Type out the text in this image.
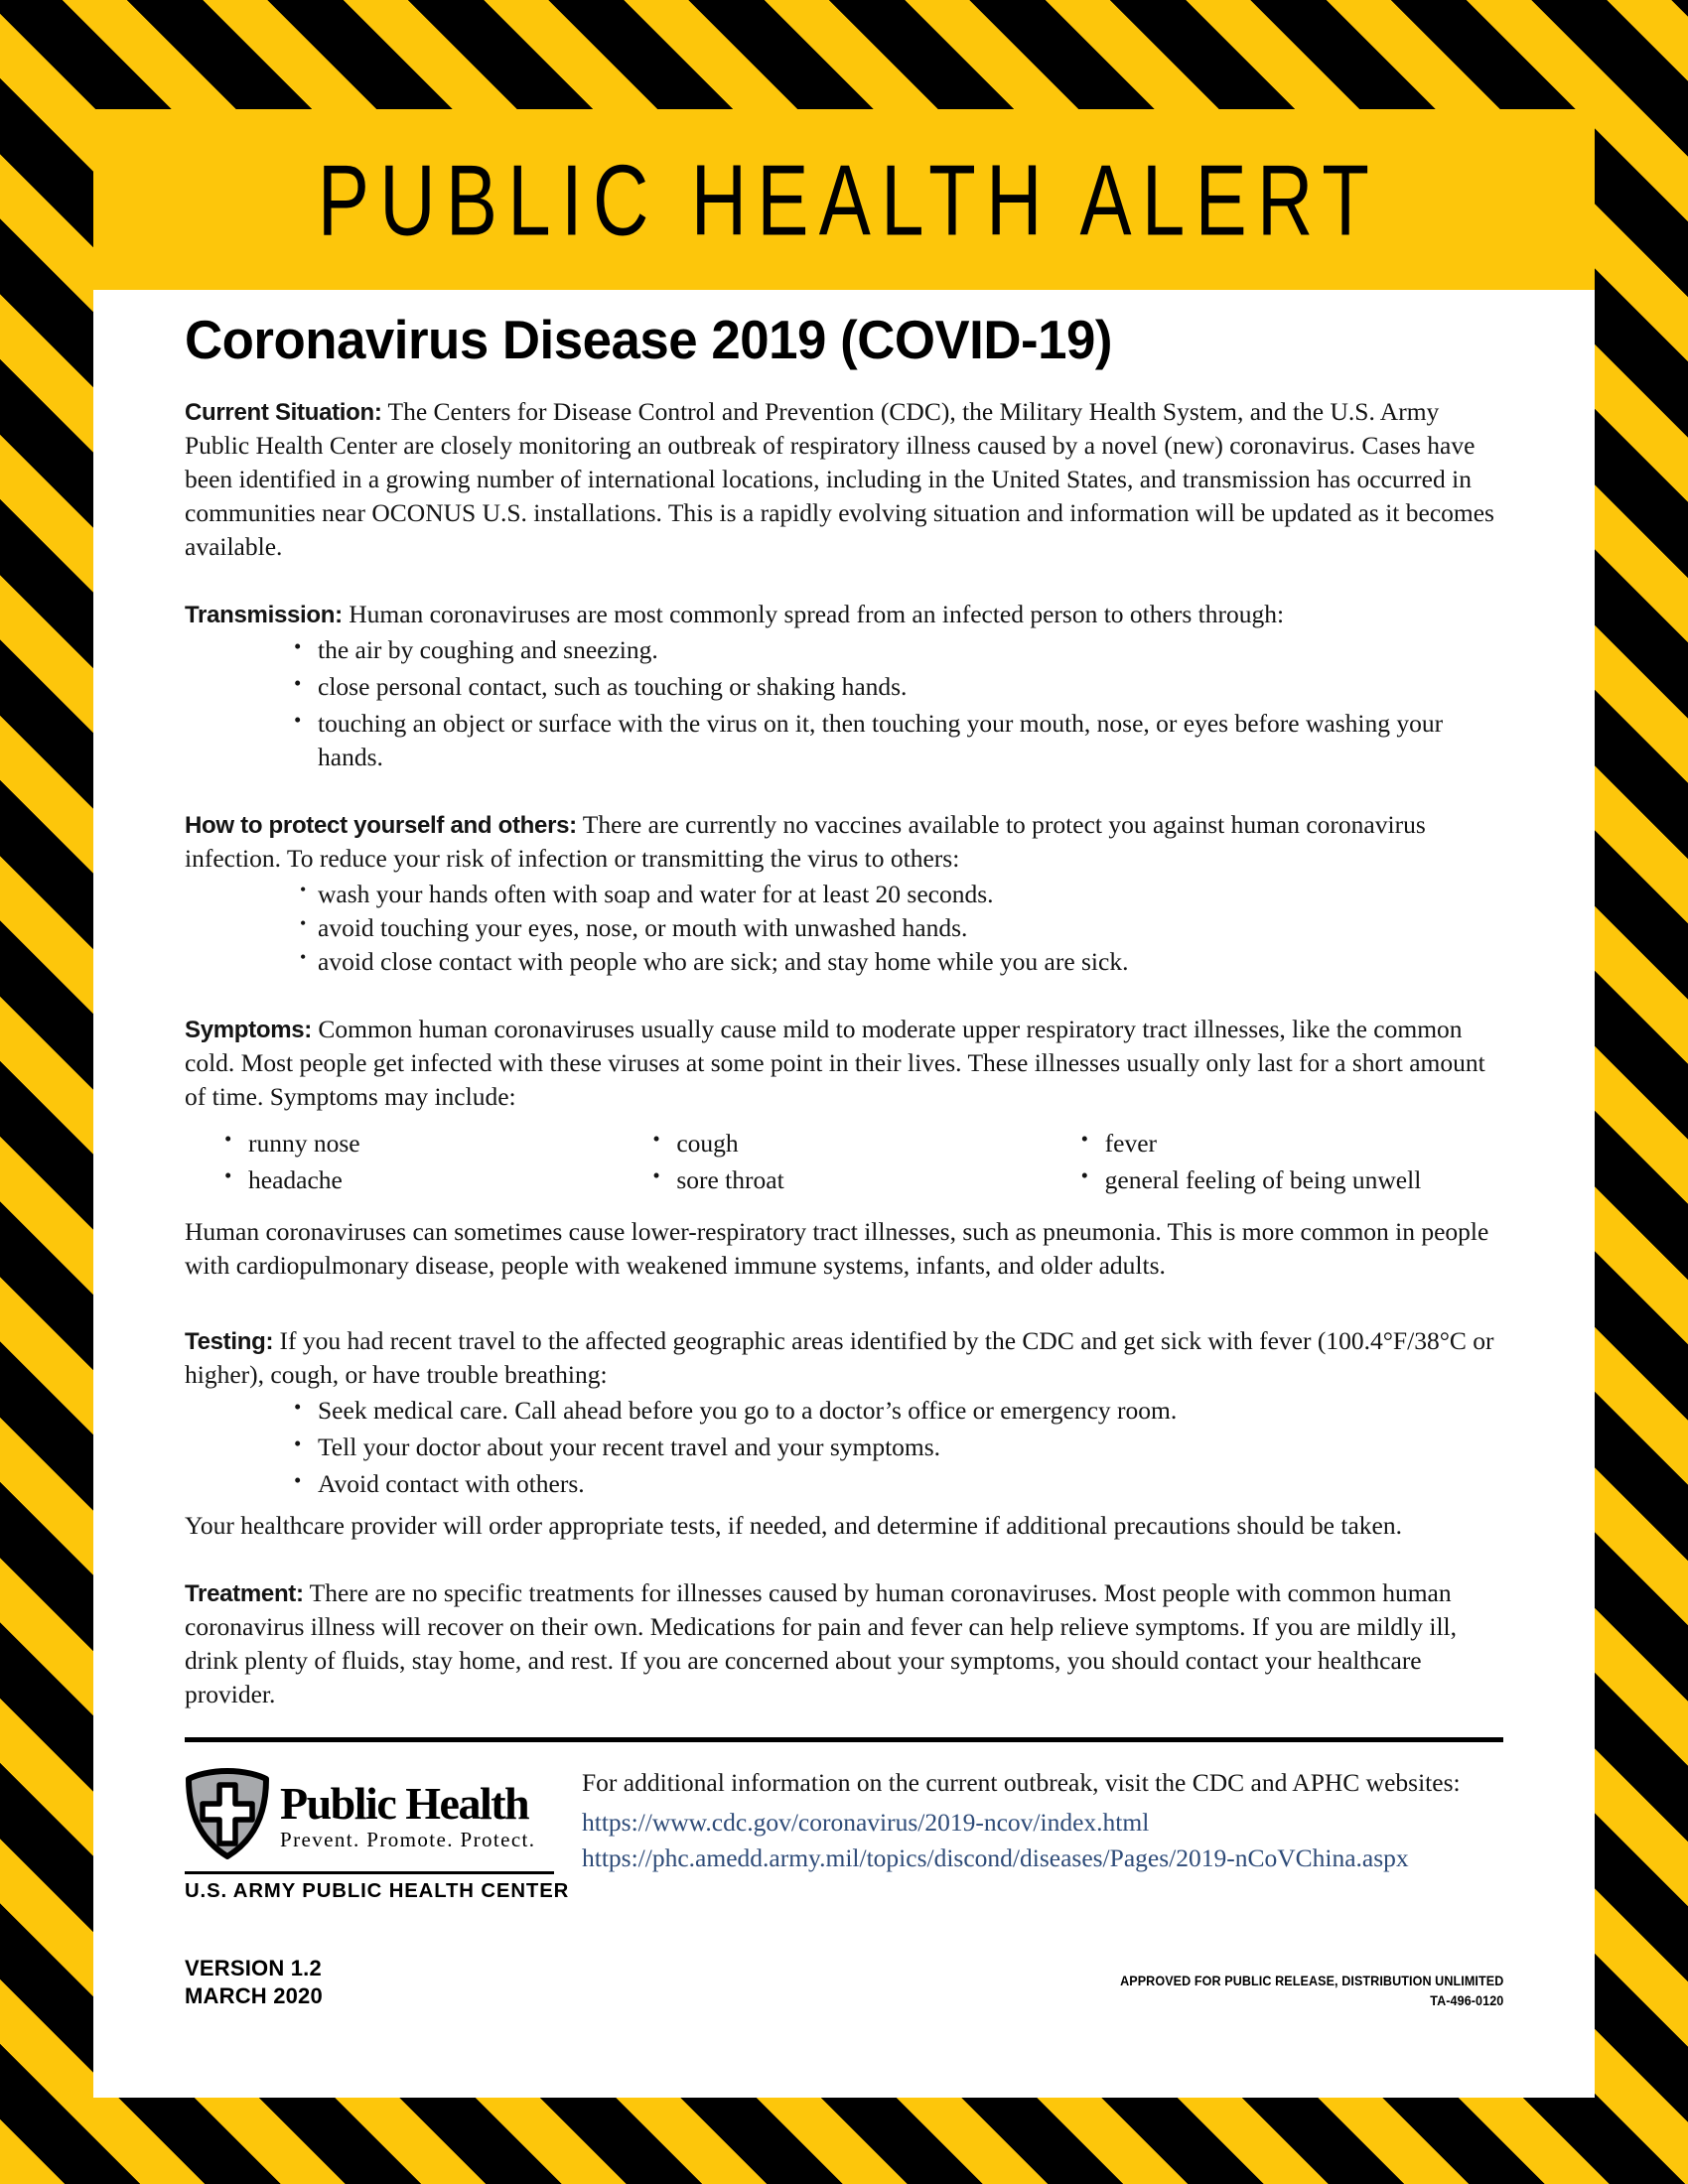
PUBLIC HEALTH ALERT
Coronavirus Disease 2019 (COVID-19)

Current Situation: The Centers for Disease Control and Prevention (CDC), the Military Health System, and the U.S. Army Public Health Center are closely monitoring an outbreak of respiratory illness caused by a novel (new) coronavirus. Cases have been identified in a growing number of international locations, including in the United States, and transmission has occurred in communities near OCONUS U.S. installations. This is a rapidly evolving situation and information will be updated as it becomes available.

Transmission: Human coronaviruses are most commonly spread from an infected person to others through:

• the air by coughing and sneezing.
• close personal contact, such as touching or shaking hands.
• touching an object or surface with the virus on it, then touching your mouth, nose, or eyes before washing your hands.

How to protect yourself and others: There are currently no vaccines available to protect you against human coronavirus infection. To reduce your risk of infection or transmitting the virus to others:

• wash your hands often with soap and water for at least 20 seconds.
• avoid touching your eyes, nose, or mouth with unwashed hands.
• avoid close contact with people who are sick; and stay home while you are sick.

Symptoms: Common human coronaviruses usually cause mild to moderate upper respiratory tract illnesses, like the common cold. Most people get infected with these viruses at some point in their lives. These illnesses usually only last for a short amount of time. Symptoms may include:

• runny nose	• cough	• fever
• headache	• sore throat	• general feeling of being unwell

Human coronaviruses can sometimes cause lower-respiratory tract illnesses, such as pneumonia. This is more common in people with cardiopulmonary disease, people with weakened immune systems, infants, and older adults.

Testing: If you had recent travel to the affected geographic areas identified by the CDC and get sick with fever (100.4°F/38°C or higher), cough, or have trouble breathing:

• Seek medical care. Call ahead before you go to a doctor’s office or emergency room.
• Tell your doctor about your recent travel and your symptoms.
• Avoid contact with others.

Your healthcare provider will order appropriate tests, if needed, and determine if additional precautions should be taken.

Treatment: There are no specific treatments for illnesses caused by human coronaviruses. Most people with common human coronavirus illness will recover on their own. Medications for pain and fever can help relieve symptoms. If you are mildly ill, drink plenty of fluids, stay home, and rest. If you are concerned about your symptoms, you should contact your healthcare provider.

Public Health
Prevent. Promote. Protect.
U.S. ARMY PUBLIC HEALTH CENTER
For additional information on the current outbreak, visit the CDC and APHC websites:
https://www.cdc.gov/coronavirus/2019-ncov/index.html
https://phc.amedd.army.mil/topics/discond/diseases/Pages/2019-nCoVChina.aspx
VERSION 1.2
MARCH 2020
APPROVED FOR PUBLIC RELEASE, DISTRIBUTION UNLIMITED
TA-496-0120
